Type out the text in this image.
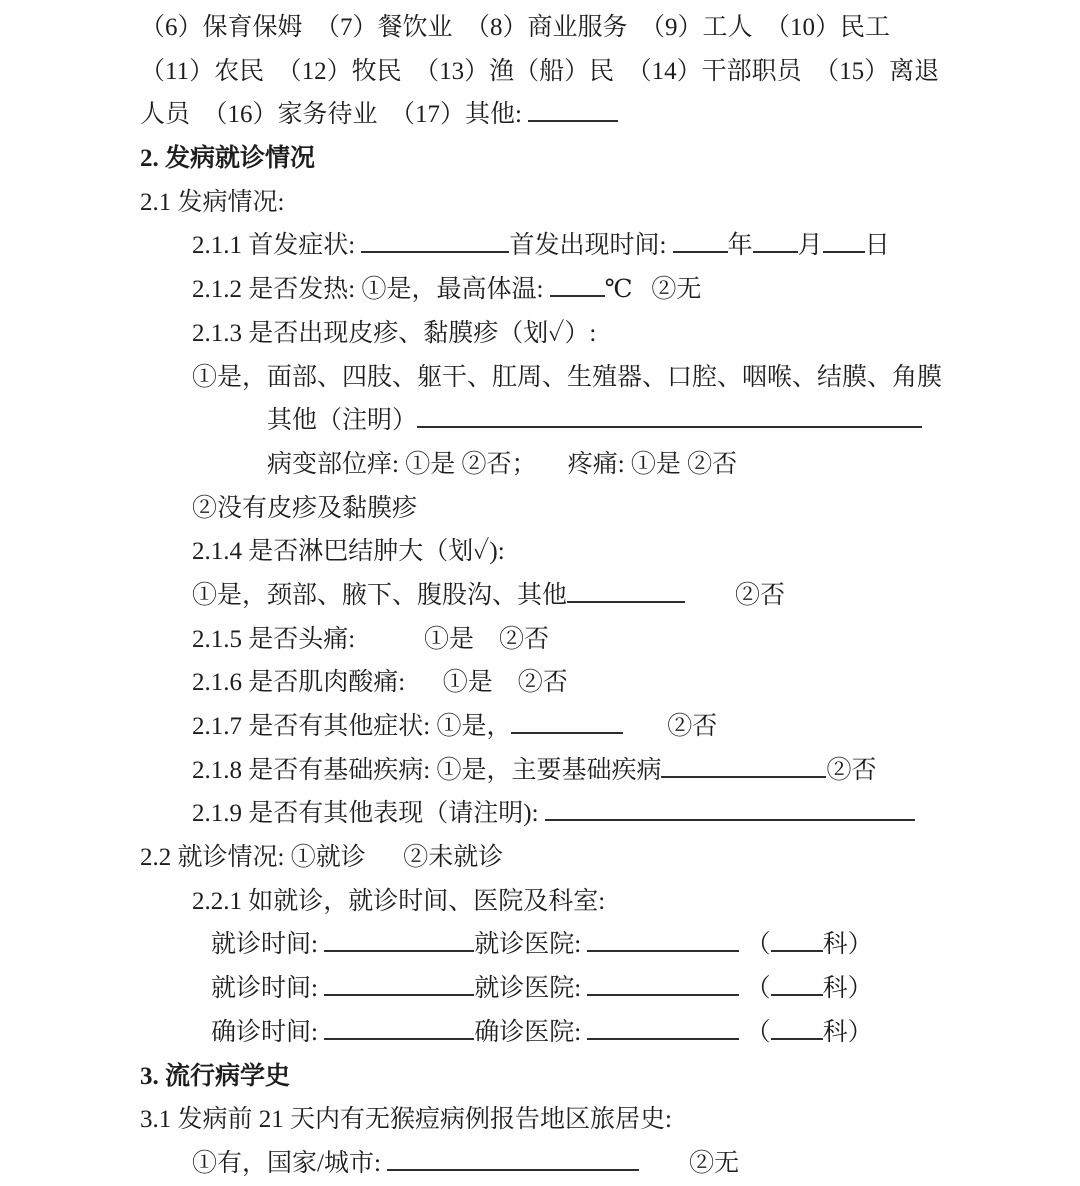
（6）保育保姆  （7）餐饮业  （8）商业服务  （9）工人  （10）民工
（11）农民  （12）牧民  （13）渔（船）民  （14）干部职员  （15）离退
人员  （16）家务待业  （17）其他:
2. 发病就诊情况
2.1 发病情况:
2.1.1 首发症状:	首发出现时间: 年 月 日
2.1.2 是否发热: ①是，最高体温: ℃   ②无
2.1.3 是否出现皮疹、黏膜疹（划✓）:
①是，面部、四肢、躯干、肛周、生殖器、口腔、咽喉、结膜、角膜
其他（注明）
病变部位痒: ①是 ②否；     疼痛: ①是 ②否
②没有皮疹及黏膜疹
2.1.4 是否淋巴结肿大（划✓):
①是，颈部、腋下、腹股沟、其他	②否
2.1.5 是否头痛:           ①是    ②否
2.1.6 是否肌肉酸痛:      ①是    ②否
2.1.7 是否有其他症状: ①是，	②否
2.1.8 是否有基础疾病: ①是，主要基础疾病	②否
2.1.9 是否有其他表现（请注明):
2.2 就诊情况: ①就诊      ②未就诊
2.2.1 如就诊，就诊时间、医院及科室:
就诊时间:	就诊医院:	（ 科）
就诊时间:	就诊医院:	（ 科）
确诊时间:	确诊医院:	（ 科）
3. 流行病学史
3.1 发病前 21 天内有无猴痘病例报告地区旅居史:
①有，国家/城市:	②无
